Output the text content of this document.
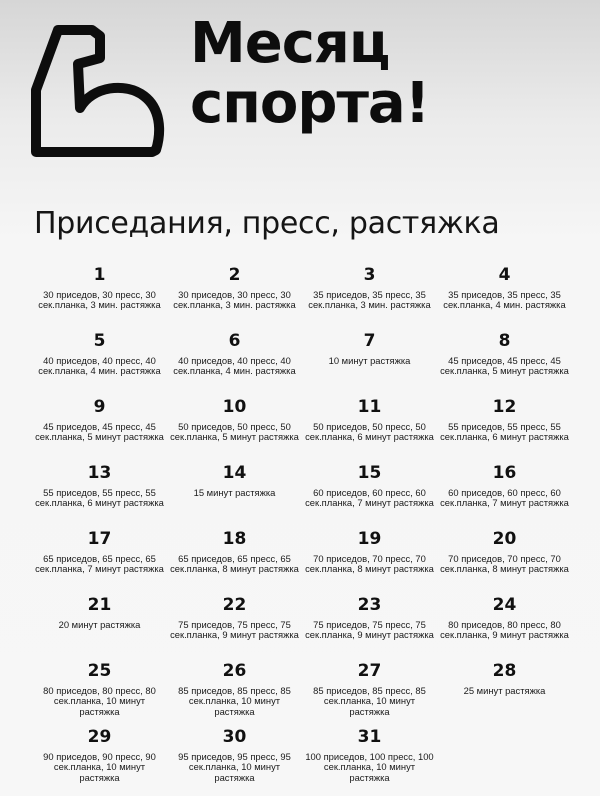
Месяц
спорта!
Приседания, пресс, растяжка
1
30 приседов, 30 пресс, 30 сек.планка, 3 мин. растяжка
2
30 приседов, 30 пресс, 30 сек.планка, 3 мин. растяжка
3
35 приседов, 35 пресс, 35 сек.планка, 3 мин. растяжка
4
35 приседов, 35 пресс, 35 сек.планка, 4 мин. растяжка
5
40 приседов, 40 пресс, 40 сек.планка, 4 мин. растяжка
6
40 приседов, 40 пресс, 40 сек.планка, 4 мин. растяжка
7
10 минут растяжка
8
45 приседов, 45 пресс, 45 сек.планка, 5 минут растяжка
9
45 приседов, 45 пресс, 45 сек.планка, 5 минут растяжка
10
50 приседов, 50 пресс, 50 сек.планка, 5 минут растяжка
11
50 приседов, 50 пресс, 50 сек.планка, 6 минут растяжка
12
55 приседов, 55 пресс, 55 сек.планка, 6 минут растяжка
13
55 приседов, 55 пресс, 55 сек.планка, 6 минут растяжка
14
15 минут растяжка
15
60 приседов, 60 пресс, 60 сек.планка, 7 минут растяжка
16
60 приседов, 60 пресс, 60 сек.планка, 7 минут растяжка
17
65 приседов, 65 пресс, 65 сек.планка, 7 минут растяжка
18
65 приседов, 65 пресс, 65 сек.планка, 8 минут растяжка
19
70 приседов, 70 пресс, 70 сек.планка, 8 минут растяжка
20
70 приседов, 70 пресс, 70 сек.планка, 8 минут растяжка
21
20 минут растяжка
22
75 приседов, 75 пресс, 75 сек.планка, 9 минут растяжка
23
75 приседов, 75 пресс, 75 сек.планка, 9 минут растяжка
24
80 приседов, 80 пресс, 80 сек.планка, 9 минут растяжка
25
80 приседов, 80 пресс, 80 сек.планка, 10 минут растяжка
26
85 приседов, 85 пресс, 85 сек.планка, 10 минут растяжка
27
85 приседов, 85 пресс, 85 сек.планка, 10 минут растяжка
28
25 минут растяжка
29
90 приседов, 90 пресс, 90 сек.планка, 10 минут растяжка
30
95 приседов, 95 пресс, 95 сек.планка, 10 минут растяжка
31
100 приседов, 100 пресс, 100 сек.планка, 10 минут растяжка
